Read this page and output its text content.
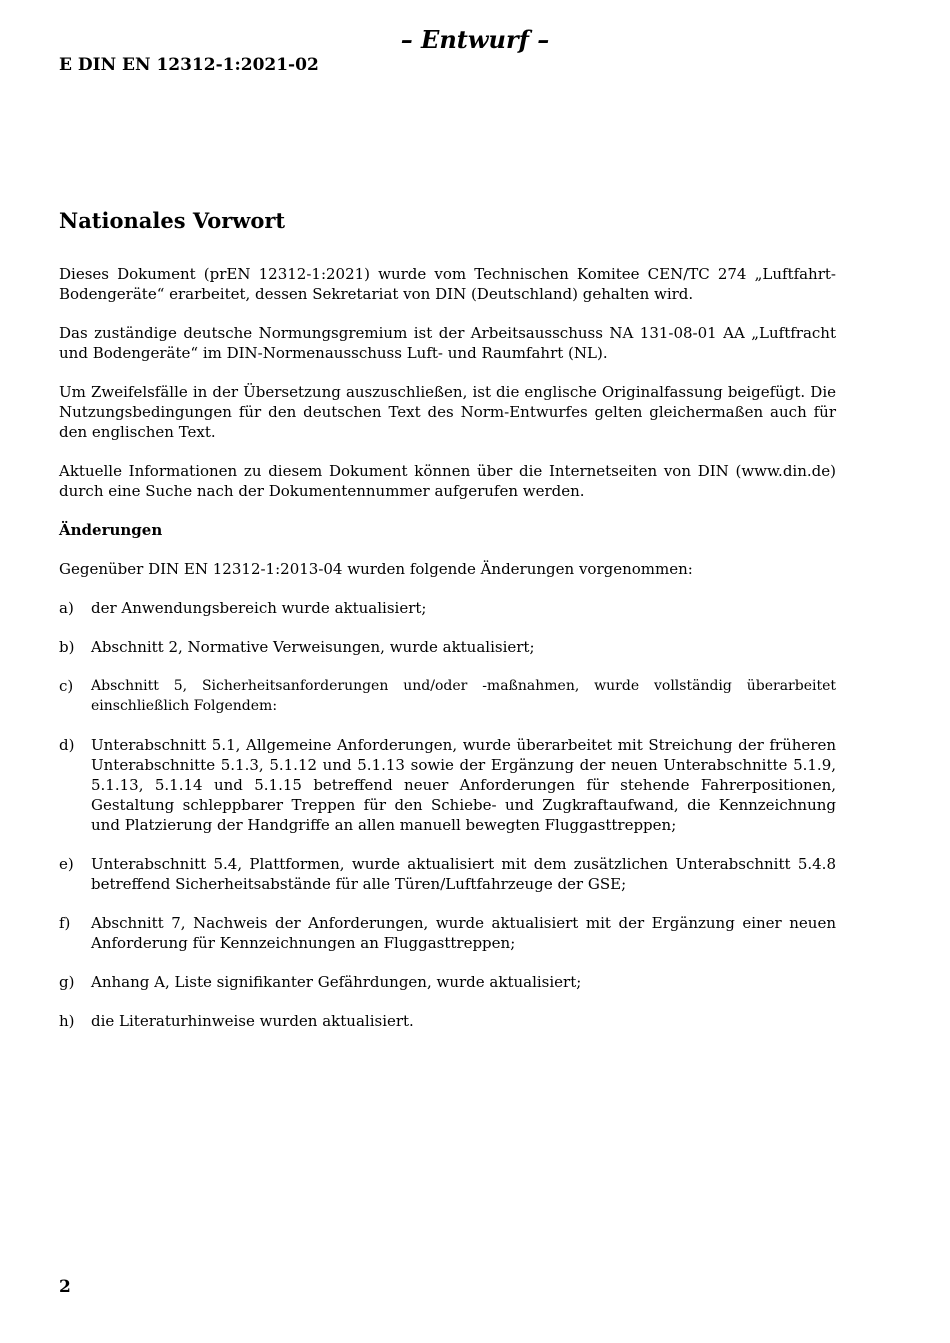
– Entwurf –
E DIN EN 12312-1:2021-02
Nationales Vorwort

Dieses Dokument (prEN 12312-1:2021) wurde vom Technischen Komitee CEN/TC 274 „Luftfahrt-Bodengeräte“ erarbeitet, dessen Sekretariat von DIN (Deutschland) gehalten wird.

Das zuständige deutsche Normungsgremium ist der Arbeitsausschuss NA 131-08-01 AA „Luftfracht und Bodengeräte“ im DIN-Normenausschuss Luft- und Raumfahrt (NL).

Um Zweifelsfälle in der Übersetzung auszuschließen, ist die englische Originalfassung beigefügt. Die Nutzungsbedingungen für den deutschen Text des Norm-Entwurfes gelten gleichermaßen auch für den englischen Text.

Aktuelle Informationen zu diesem Dokument können über die Internetseiten von DIN (www.din.de) durch eine Suche nach der Dokumentennummer aufgerufen werden.

Änderungen

Gegenüber DIN EN 12312-1:2013-04 wurden folgende Änderungen vorgenommen:

a) der Anwendungsbereich wurde aktualisiert;
b) Abschnitt 2, Normative Verweisungen, wurde aktualisiert;
c) Abschnitt 5, Sicherheitsanforderungen und/oder -maßnahmen, wurde vollständig überarbeitet einschließlich Folgendem:
d) Unterabschnitt 5.1, Allgemeine Anforderungen, wurde überarbeitet mit Streichung der früheren Unterabschnitte 5.1.3, 5.1.12 und 5.1.13 sowie der Ergänzung der neuen Unterabschnitte 5.1.9, 5.1.13, 5.1.14 und 5.1.15 betreffend neuer Anforderungen für stehende Fahrerpositionen, Gestaltung schleppbarer Treppen für den Schiebe- und Zugkraftaufwand, die Kennzeichnung und Platzierung der Handgriffe an allen manuell bewegten Fluggasttreppen;
e) Unterabschnitt 5.4, Plattformen, wurde aktualisiert mit dem zusätzlichen Unterabschnitt 5.4.8 betreffend Sicherheitsabstände für alle Türen/Luftfahrzeuge der GSE;
f) Abschnitt 7, Nachweis der Anforderungen, wurde aktualisiert mit der Ergänzung einer neuen Anforderung für Kennzeichnungen an Fluggasttreppen;
g) Anhang A, Liste signifikanter Gefährdungen, wurde aktualisiert;
h) die Literaturhinweise wurden aktualisiert.
2
